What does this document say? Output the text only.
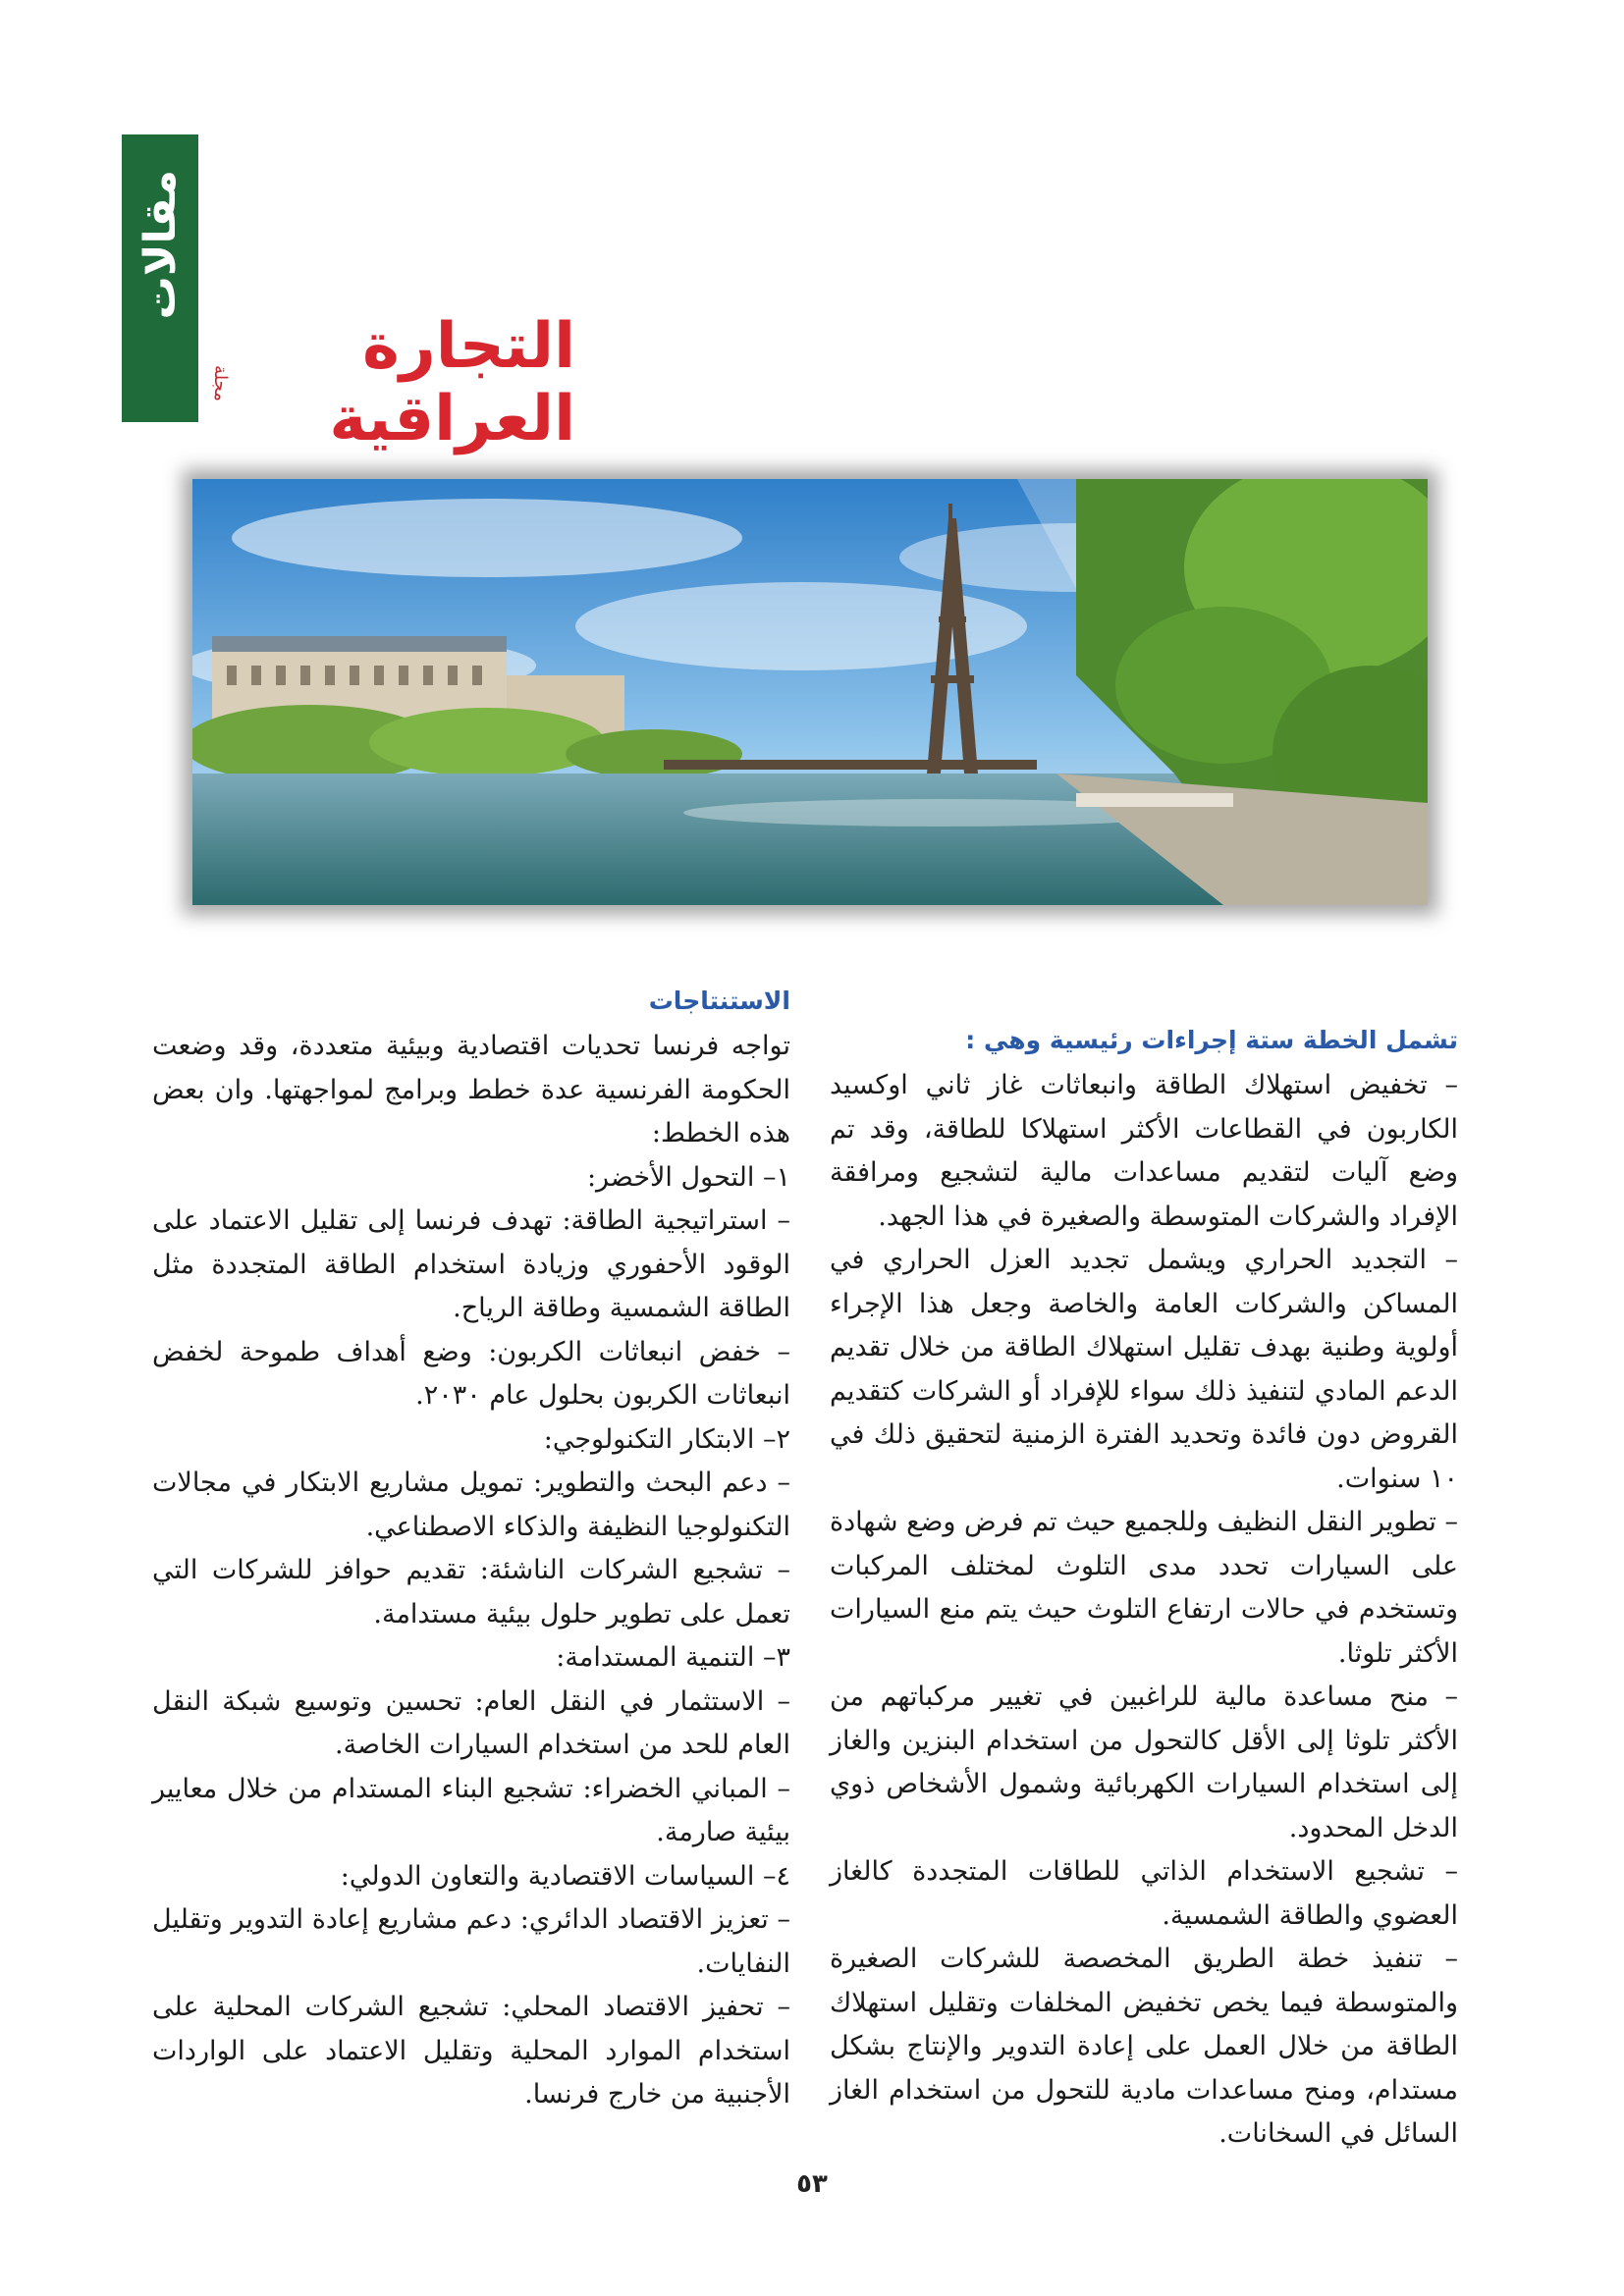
مقالات
التجارة العراقية
مجلة
تشمل الخطة ستة إجراءات رئيسية وهي :

– تخفيض استهلاك الطاقة وانبعاثات غاز ثاني اوكسيد الكاربون في القطاعات الأكثر استهلاكا للطاقة، وقد تم وضع آليات لتقديم مساعدات مالية لتشجيع ومرافقة الإفراد والشركات المتوسطة والصغيرة في هذا الجهد.

– التجديد الحراري ويشمل تجديد العزل الحراري في المساكن والشركات العامة والخاصة وجعل هذا الإجراء أولوية وطنية بهدف تقليل استهلاك الطاقة من خلال تقديم الدعم المادي لتنفيذ ذلك سواء للإفراد أو الشركات كتقديم القروض دون فائدة وتحديد الفترة الزمنية لتحقيق ذلك في ١٠ سنوات.

– تطوير النقل النظيف وللجميع حيث تم فرض وضع شهادة على السيارات تحدد مدى التلوث لمختلف المركبات وتستخدم في حالات ارتفاع التلوث حيث يتم منع السيارات الأكثر تلوثا.

– منح مساعدة مالية للراغبين في تغيير مركباتهم من الأكثر تلوثا إلى الأقل كالتحول من استخدام البنزين والغاز إلى استخدام السيارات الكهربائية وشمول الأشخاص ذوي الدخل المحدود.

– تشجيع الاستخدام الذاتي للطاقات المتجددة كالغاز العضوي والطاقة الشمسية.

– تنفيذ خطة الطريق المخصصة للشركات الصغيرة والمتوسطة فيما يخص تخفيض المخلفات وتقليل استهلاك الطاقة من خلال العمل على إعادة التدوير والإنتاج بشكل مستدام، ومنح مساعدات مادية للتحول من استخدام الغاز السائل في السخانات.

الاستنتاجات

تواجه فرنسا تحديات اقتصادية وبيئية متعددة، وقد وضعت الحكومة الفرنسية عدة خطط وبرامج لمواجهتها. وان بعض هذه الخطط:

١– التحول الأخضر:

– استراتيجية الطاقة: تهدف فرنسا إلى تقليل الاعتماد على الوقود الأحفوري وزيادة استخدام الطاقة المتجددة مثل الطاقة الشمسية وطاقة الرياح.

– خفض انبعاثات الكربون: وضع أهداف طموحة لخفض انبعاثات الكربون بحلول عام ٢٠٣٠.

٢– الابتكار التكنولوجي:

– دعم البحث والتطوير: تمويل مشاريع الابتكار في مجالات التكنولوجيا النظيفة والذكاء الاصطناعي.

– تشجيع الشركات الناشئة: تقديم حوافز للشركات التي تعمل على تطوير حلول بيئية مستدامة.

٣– التنمية المستدامة:

– الاستثمار في النقل العام: تحسين وتوسيع شبكة النقل العام للحد من استخدام السيارات الخاصة.

– المباني الخضراء: تشجيع البناء المستدام من خلال معايير بيئية صارمة.

٤– السياسات الاقتصادية والتعاون الدولي:

– تعزيز الاقتصاد الدائري: دعم مشاريع إعادة التدوير وتقليل النفايات.

– تحفيز الاقتصاد المحلي: تشجيع الشركات المحلية على استخدام الموارد المحلية وتقليل الاعتماد على الواردات الأجنبية من خارج فرنسا.

٥٣
